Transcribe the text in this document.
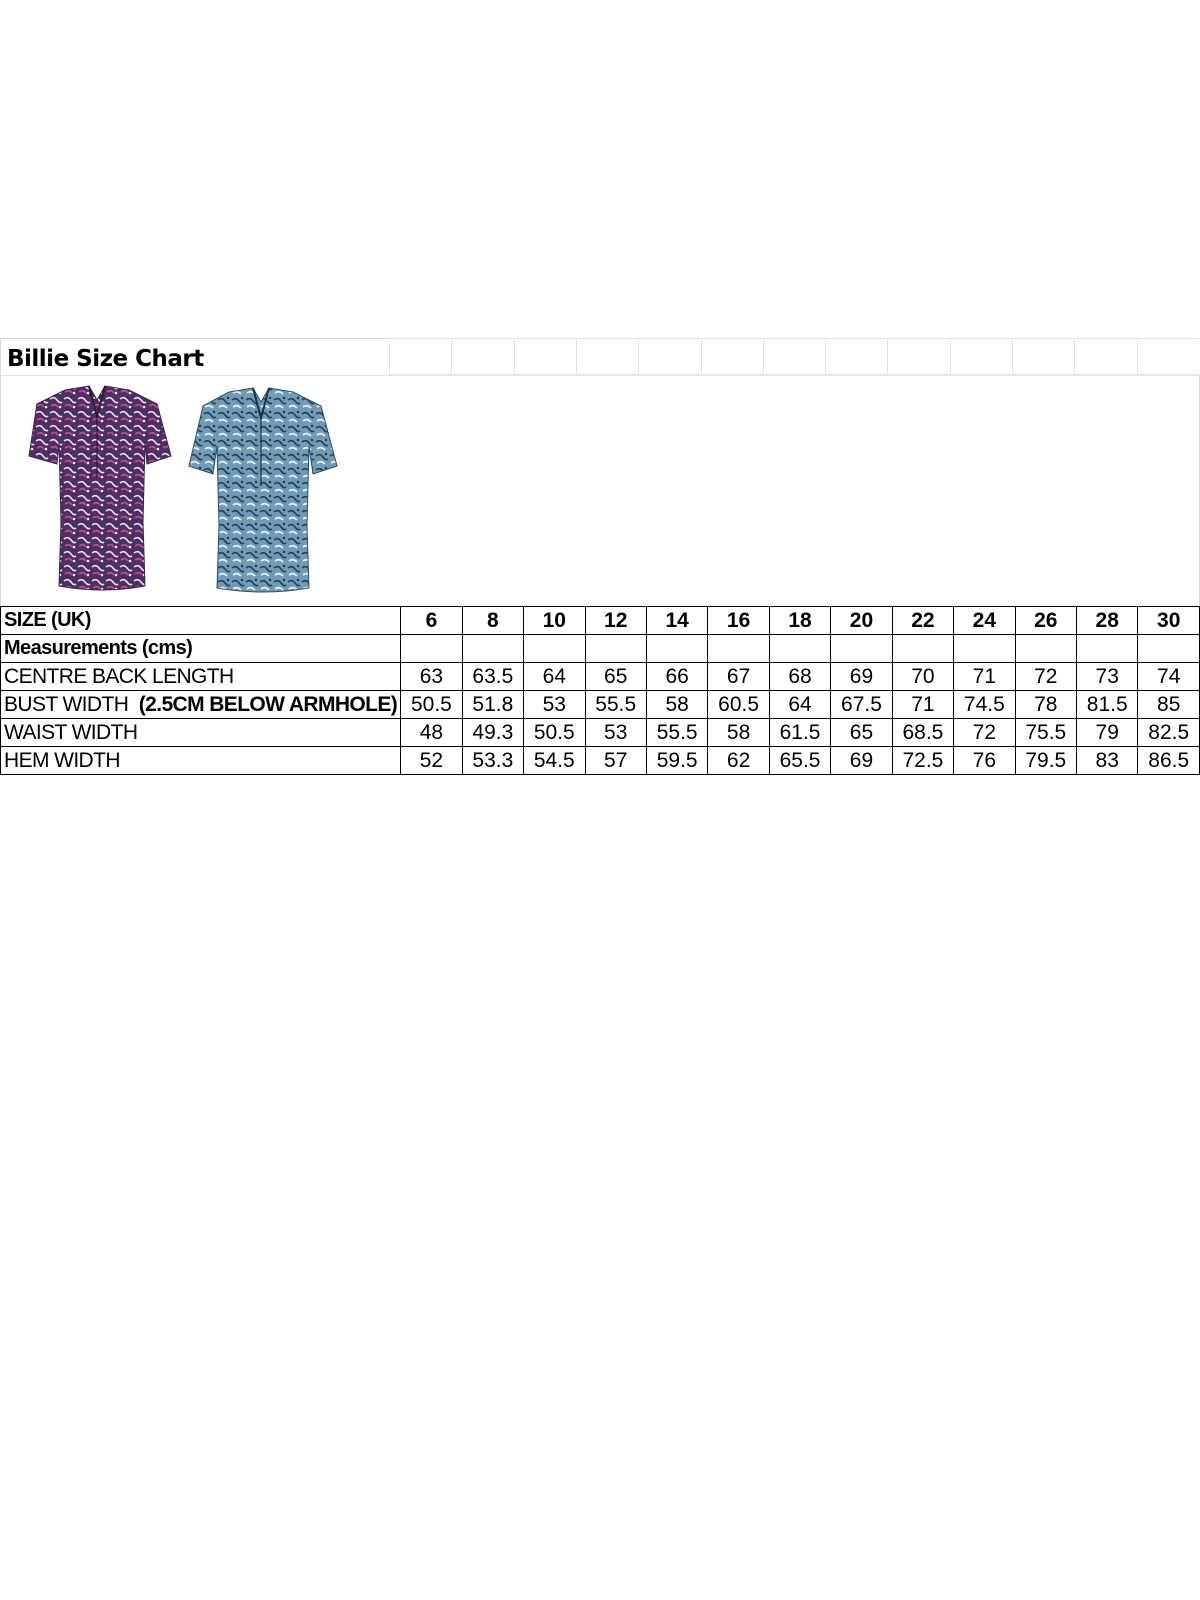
Billie Size Chart
SIZE (UK)	6	8	10	12	14	16	18	20	22	24	26	28	30
Measurements (cms)													
CENTRE BACK LENGTH	63	63.5	64	65	66	67	68	69	70	71	72	73	74
BUST WIDTH  (2.5CM BELOW ARMHOLE)	50.5	51.8	53	55.5	58	60.5	64	67.5	71	74.5	78	81.5	85
WAIST WIDTH	48	49.3	50.5	53	55.5	58	61.5	65	68.5	72	75.5	79	82.5
HEM WIDTH	52	53.3	54.5	57	59.5	62	65.5	69	72.5	76	79.5	83	86.5
